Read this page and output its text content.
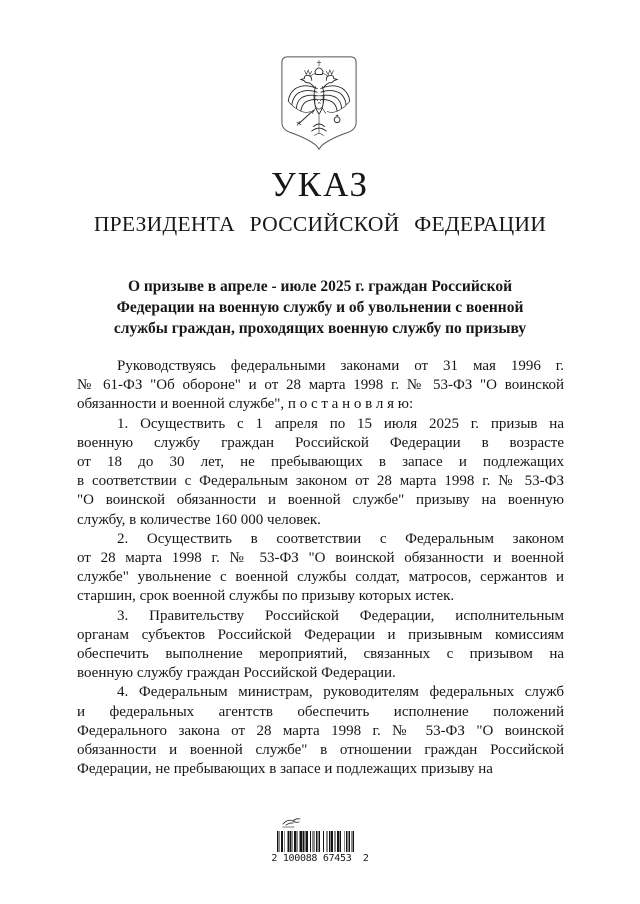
УКАЗ
ПРЕЗИДЕНТА РОССИЙСКОЙ ФЕДЕРАЦИИ
О призыве в апреле - июле 2025 г. граждан Российской
Федерации на военную службу и об увольнении с военной
службы граждан, проходящих военную службу по призыву
Руководствуясь федеральными законами от 31 мая 1996 г.
№ 61-ФЗ "Об обороне" и от 28 марта 1998 г. № 53-ФЗ "О воинской
обязанности и военной службе", п о с т а н о в л я ю:
1. Осуществить с 1 апреля по 15 июля 2025 г. призыв на
военную службу граждан Российской Федерации в возрасте
от 18 до 30 лет, не пребывающих в запасе и подлежащих
в соответствии с Федеральным законом от 28 марта 1998 г. № 53-ФЗ
"О воинской обязанности и военной службе" призыву на военную
службу, в количестве 160 000 человек.
2. Осуществить в соответствии с Федеральным законом
от 28 марта 1998 г. № 53-ФЗ "О воинской обязанности и военной
службе" увольнение с военной службы солдат, матросов, сержантов и
старшин, срок военной службы по призыву которых истек.
3. Правительству Российской Федерации, исполнительным
органам субъектов Российской Федерации и призывным комиссиям
обеспечить выполнение мероприятий, связанных с призывом на
военную службу граждан Российской Федерации.
4. Федеральным министрам, руководителям федеральных служб
и федеральных агентств обеспечить исполнение положений
Федерального закона от 28 марта 1998 г. № 53-ФЗ "О воинской
обязанности и военной службе" в отношении граждан Российской
Федерации, не пребывающих в запасе и подлежащих призыву на
2 100088 67453  2
